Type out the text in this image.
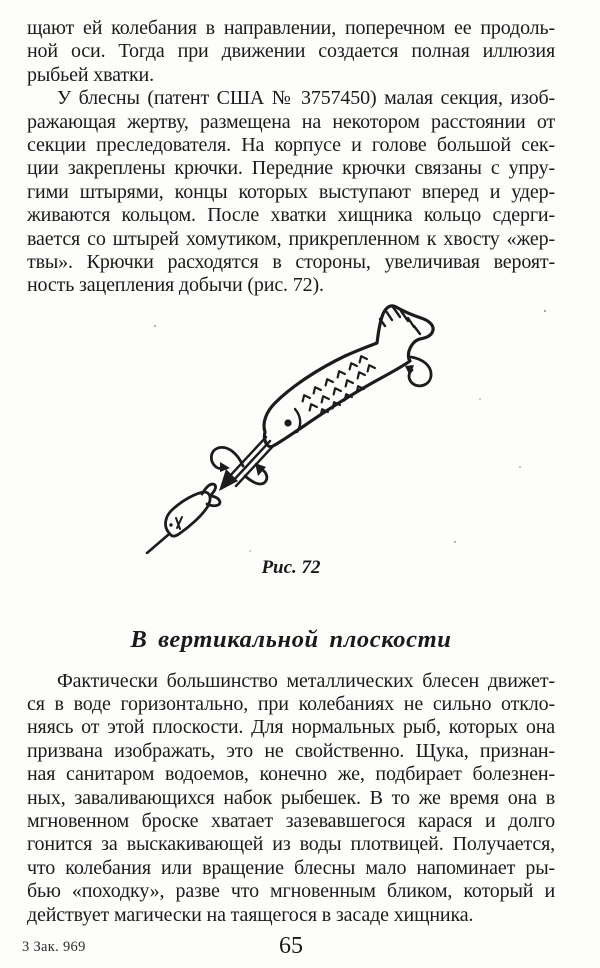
щают ей колебания в направлении, поперечном ее продоль-
ной оси. Тогда при движении создается полная иллюзия
рыбьей хватки.
У блесны (патент США № 3757450) малая секция, изоб-
ражающая жертву, размещена на некотором расстоянии от
секции преследователя. На корпусе и голове большой сек-
ции закреплены крючки. Передние крючки связаны с упру-
гими штырями, концы которых выступают вперед и удер-
живаются кольцом. После хватки хищника кольцо сдерги-
вается со штырей хомутиком, прикрепленном к хвосту «жер-
твы». Крючки расходятся в стороны, увеличивая вероят-
ность зацепления добычи (рис. 72).
Рис. 72
В вертикальной плоскости
Фактически большинство металлических блесен движет-
ся в воде горизонтально, при колебаниях не сильно откло-
няясь от этой плоскости. Для нормальных рыб, которых она
призвана изображать, это не свойственно. Щука, признан-
ная санитаром водоемов, конечно же, подбирает болезнен-
ных, заваливающихся набок рыбешек. В то же время она в
мгновенном броске хватает зазевавшегося карася и долго
гонится за выскакивающей из воды плотвицей. Получается,
что колебания или вращение блесны мало напоминает ры-
бью «походку», разве что мгновенным бликом, который и
действует магически на таящегося в засаде хищника.
3 Зак. 969	65
